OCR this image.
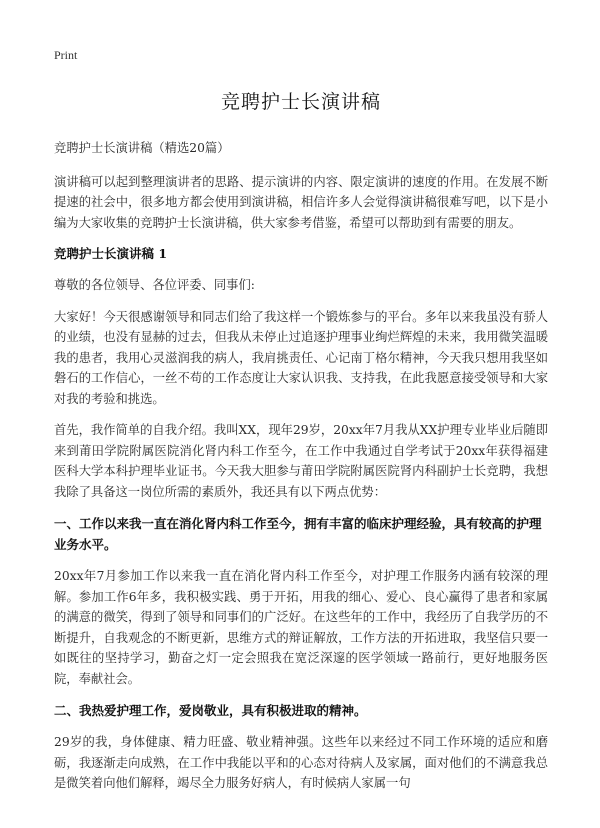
Print
竞聘护士长演讲稿

竞聘护士长演讲稿（精选20篇）

演讲稿可以起到整理演讲者的思路、提示演讲的内容、限定演讲的速度的作用。在发展不断提速的社会中，很多地方都会使用到演讲稿，相信许多人会觉得演讲稿很难写吧，以下是小编为大家收集的竞聘护士长演讲稿，供大家参考借鉴，希望可以帮助到有需要的朋友。

竞聘护士长演讲稿 1

尊敬的各位领导、各位评委、同事们:

大家好！今天很感谢领导和同志们给了我这样一个锻炼参与的平台。多年以来我虽没有骄人的业绩，也没有显赫的过去，但我从未停止过追逐护理事业绚烂辉煌的未来，我用微笑温暖我的患者，我用心灵滋润我的病人，我肩挑责任、心记南丁格尔精神，今天我只想用我坚如磐石的工作信心，一丝不苟的工作态度让大家认识我、支持我，在此我愿意接受领导和大家对我的考验和挑选。

首先，我作简单的自我介绍。我叫XX，现年29岁，20xx年7月我从XX护理专业毕业后随即来到莆田学院附属医院消化肾内科工作至今，在工作中我通过自学考试于20xx年获得福建医科大学本科护理毕业证书。今天我大胆参与莆田学院附属医院肾内科副护士长竞聘，我想我除了具备这一岗位所需的素质外，我还具有以下两点优势：

一、工作以来我一直在消化肾内科工作至今，拥有丰富的临床护理经验，具有较高的护理业务水平。

20xx年7月参加工作以来我一直在消化肾内科工作至今，对护理工作服务内涵有较深的理解。参加工作6年多，我积极实践、勇于开拓，用我的细心、爱心、良心赢得了患者和家属的满意的微笑，得到了领导和同事们的广泛好。在这些年的工作中，我经历了自我学历的不断提升，自我观念的不断更新，思维方式的辩证解放，工作方法的开拓进取，我坚信只要一如既往的坚持学习，勤奋之灯一定会照我在宽泛深邃的医学领域一路前行，更好地服务医院，奉献社会。

二、我热爱护理工作，爱岗敬业，具有积极进取的精神。

29岁的我，身体健康、精力旺盛、敬业精神强。这些年以来经过不同工作环境的适应和磨砺，我逐渐走向成熟，在工作中我能以平和的心态对待病人及家属，面对他们的不满意我总是微笑着向他们解释，竭尽全力服务好病人，有时候病人家属一句
